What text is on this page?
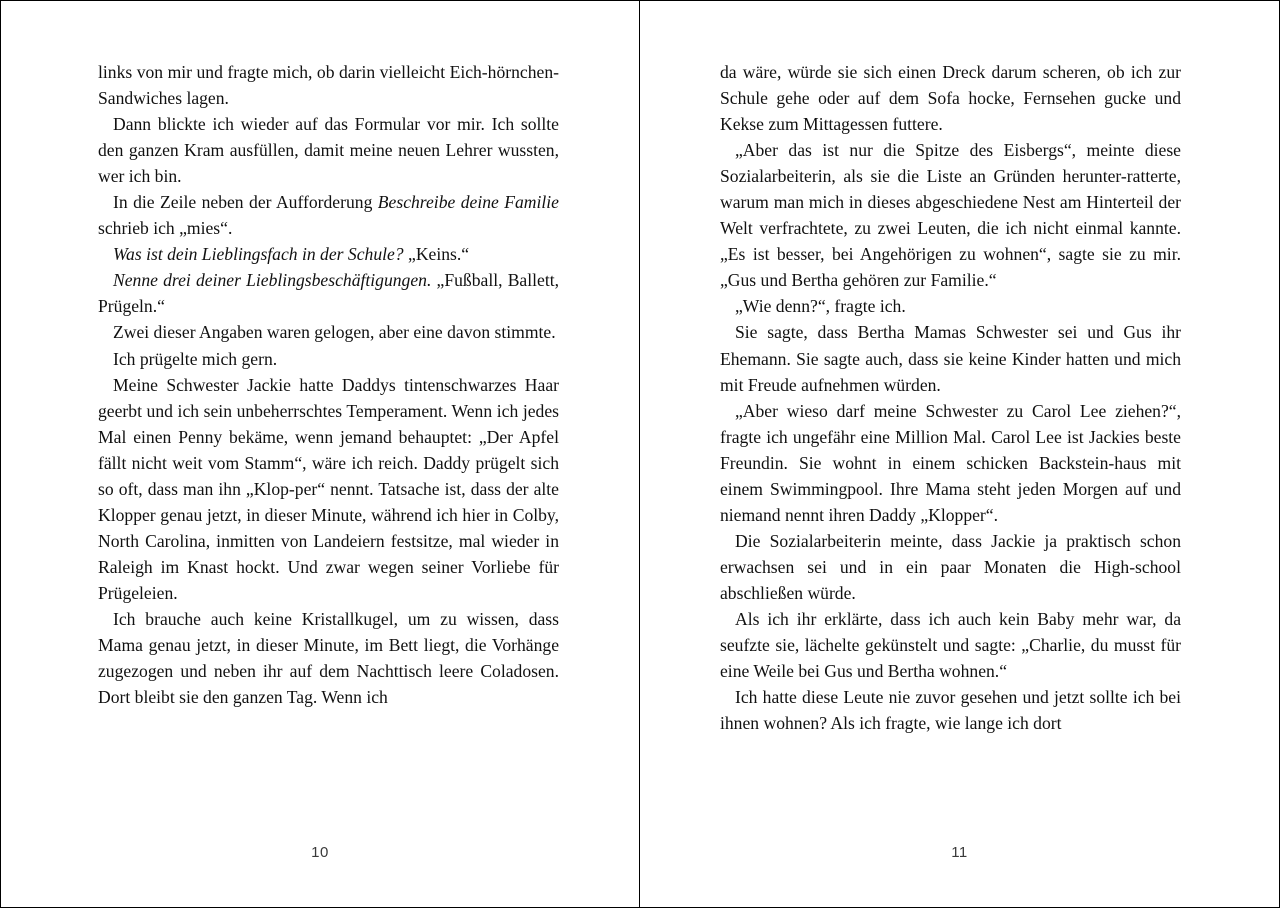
links von mir und fragte mich, ob darin vielleicht Eich-hörnchen-Sandwiches lagen.

Dann blickte ich wieder auf das Formular vor mir. Ich sollte den ganzen Kram ausfüllen, damit meine neuen Lehrer wussten, wer ich bin.

In die Zeile neben der Aufforderung Beschreibe deine Familie schrieb ich „mies“.

Was ist dein Lieblingsfach in der Schule? „Keins.“

Nenne drei deiner Lieblingsbeschäftigungen. „Fußball, Ballett, Prügeln.“

Zwei dieser Angaben waren gelogen, aber eine davon stimmte.

Ich prügelte mich gern.

Meine Schwester Jackie hatte Daddys tintenschwarzes Haar geerbt und ich sein unbeherrschtes Temperament. Wenn ich jedes Mal einen Penny bekäme, wenn jemand behauptet: „Der Apfel fällt nicht weit vom Stamm“, wäre ich reich. Daddy prügelt sich so oft, dass man ihn „Klop-per“ nennt. Tatsache ist, dass der alte Klopper genau jetzt, in dieser Minute, während ich hier in Colby, North Carolina, inmitten von Landeiern festsitze, mal wieder in Raleigh im Knast hockt. Und zwar wegen seiner Vorliebe für Prügeleien.

Ich brauche auch keine Kristallkugel, um zu wissen, dass Mama genau jetzt, in dieser Minute, im Bett liegt, die Vorhänge zugezogen und neben ihr auf dem Nachttisch leere Coladosen. Dort bleibt sie den ganzen Tag. Wenn ich

10

da wäre, würde sie sich einen Dreck darum scheren, ob ich zur Schule gehe oder auf dem Sofa hocke, Fernsehen gucke und Kekse zum Mittagessen futtere.

„Aber das ist nur die Spitze des Eisbergs“, meinte diese Sozialarbeiterin, als sie die Liste an Gründen herunter-ratterte, warum man mich in dieses abgeschiedene Nest am Hinterteil der Welt verfrachtete, zu zwei Leuten, die ich nicht einmal kannte. „Es ist besser, bei Angehörigen zu wohnen“, sagte sie zu mir. „Gus und Bertha gehören zur Familie.“

„Wie denn?“, fragte ich.

Sie sagte, dass Bertha Mamas Schwester sei und Gus ihr Ehemann. Sie sagte auch, dass sie keine Kinder hatten und mich mit Freude aufnehmen würden.

„Aber wieso darf meine Schwester zu Carol Lee ziehen?“, fragte ich ungefähr eine Million Mal. Carol Lee ist Jackies beste Freundin. Sie wohnt in einem schicken Backstein-haus mit einem Swimmingpool. Ihre Mama steht jeden Morgen auf und niemand nennt ihren Daddy „Klopper“.

Die Sozialarbeiterin meinte, dass Jackie ja praktisch schon erwachsen sei und in ein paar Monaten die High-school abschließen würde.

Als ich ihr erklärte, dass ich auch kein Baby mehr war, da seufzte sie, lächelte gekünstelt und sagte: „Charlie, du musst für eine Weile bei Gus und Bertha wohnen.“

Ich hatte diese Leute nie zuvor gesehen und jetzt sollte ich bei ihnen wohnen? Als ich fragte, wie lange ich dort

11
